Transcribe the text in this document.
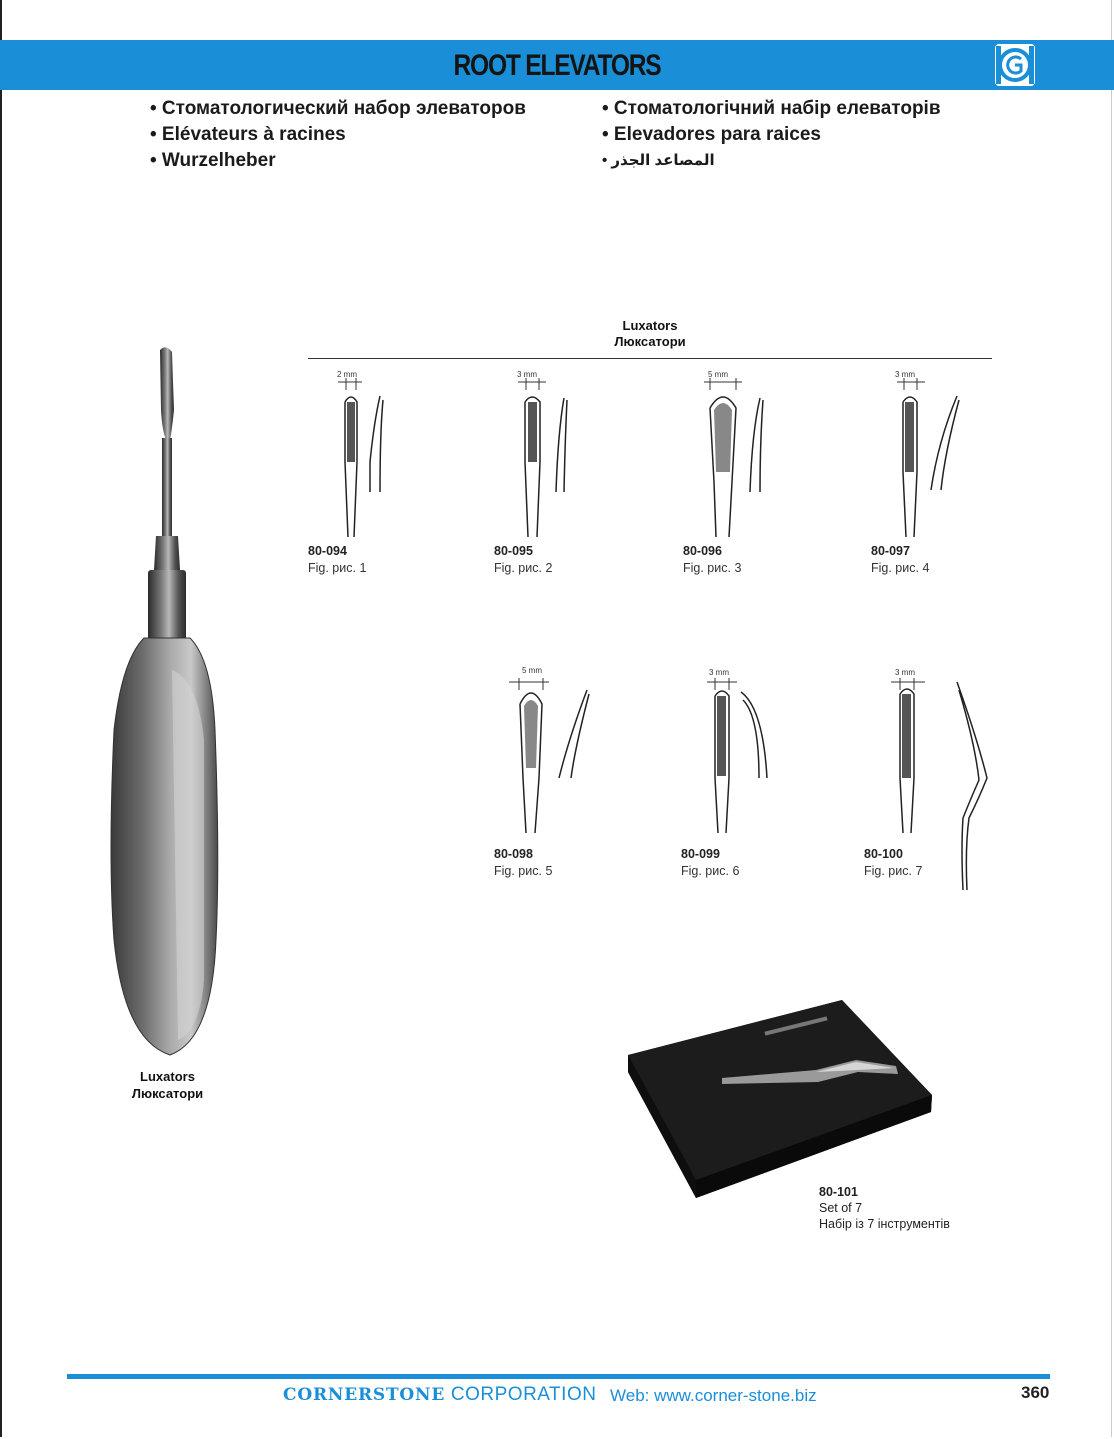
ROOT ELEVATORS
• Стоматологический набор элеваторов
• Elévateurs à racines
• Wurzelheber
• Стоматологічний набір елеваторів
• Elevadores para raices
المصاعد الجذر •
Luxators
Люксатори
2 mm	3 mm	5 mm	3 mm
80-094
Fig. рис. 1
80-095
Fig. рис. 2
80-096
Fig. рис. 3
80-097
Fig. рис. 4
5 mm	3 mm	3 mm
80-098
Fig. рис. 5
80-099
Fig. рис. 6
80-100
Fig. рис. 7
Luxators
Люксатори
80-101
Set of 7
Набір із 7 інструментів
CORNERSTONE CORPORATION Web: www.corner-stone.biz	360
